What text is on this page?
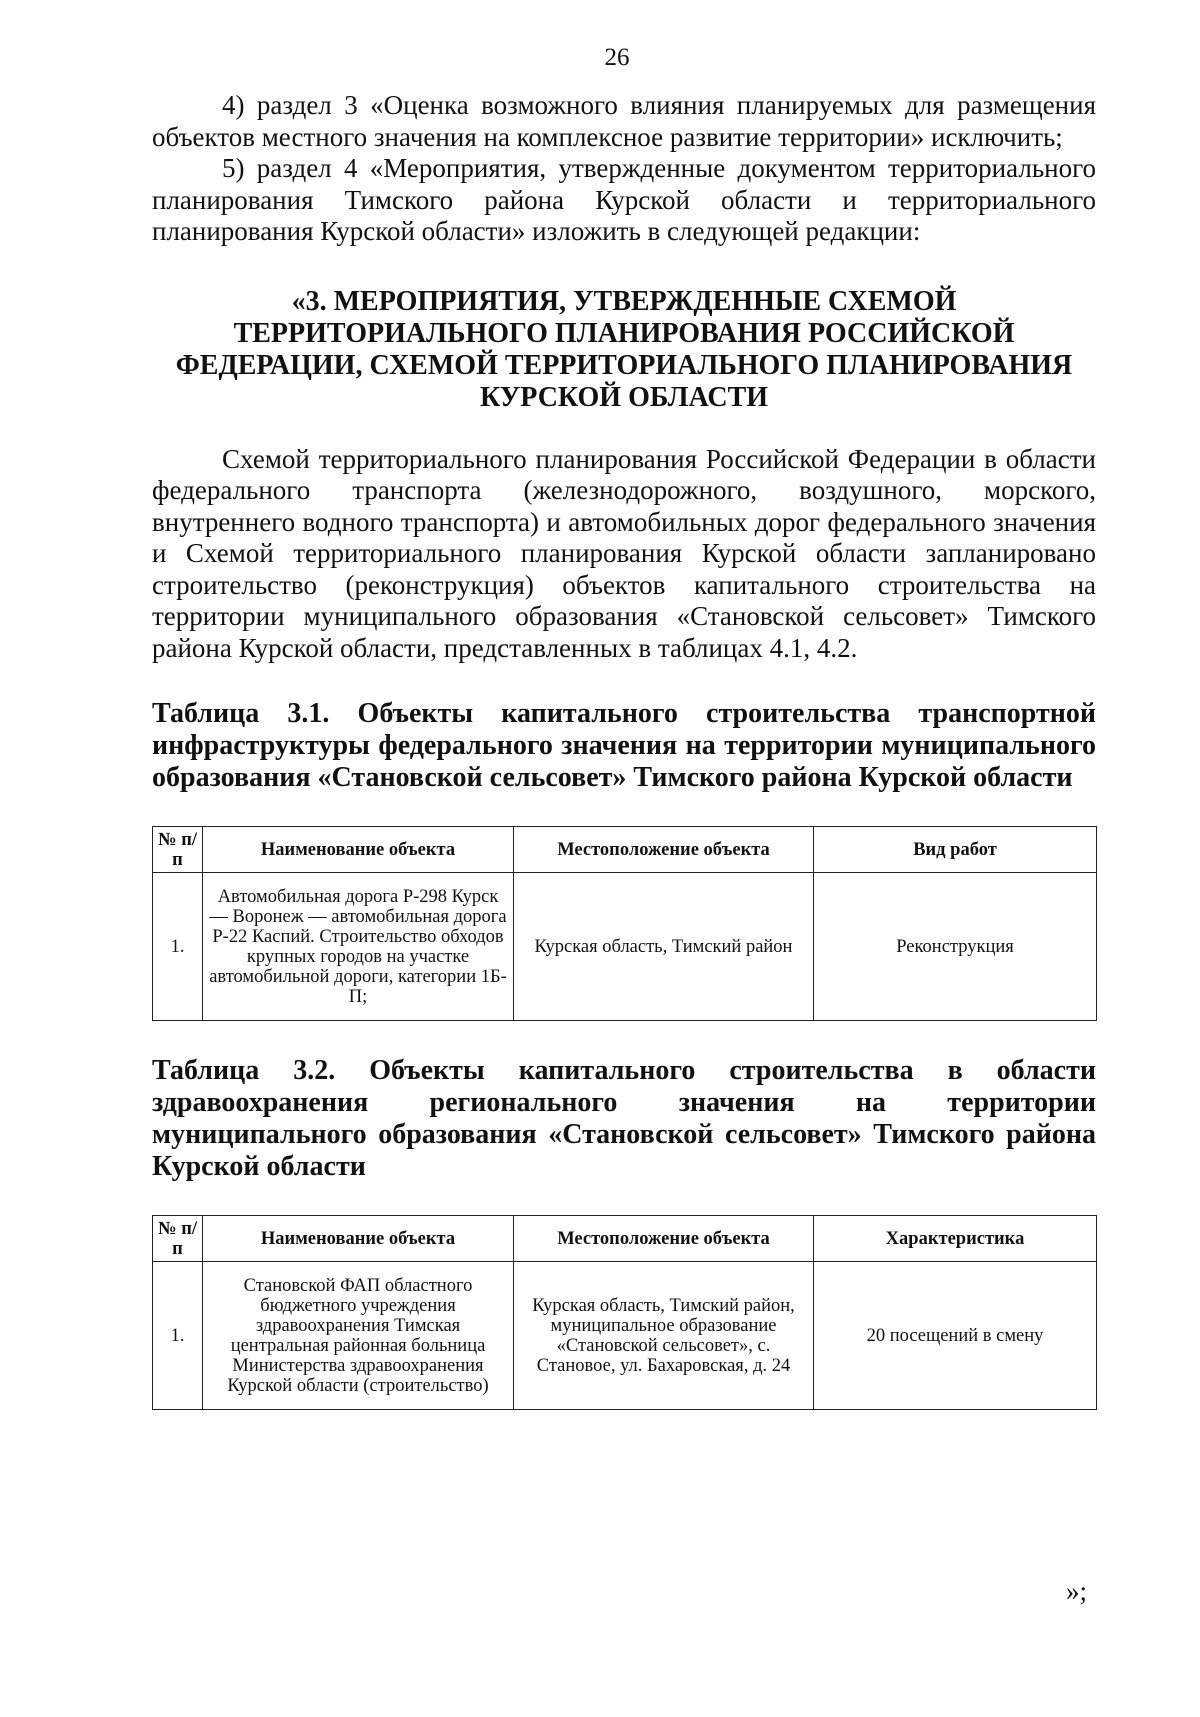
26

4) раздел 3 «Оценка возможного влияния планируемых для размещения объектов местного значения на комплексное развитие территории» исключить;

5) раздел 4 «Мероприятия, утвержденные документом территориального планирования Тимского района Курской области и территориального планирования Курской области» изложить в следующей редакции:

«3. МЕРОПРИЯТИЯ, УТВЕРЖДЕННЫЕ СХЕМОЙ ТЕРРИТОРИАЛЬНОГО ПЛАНИРОВАНИЯ РОССИЙСКОЙ ФЕДЕРАЦИИ, СХЕМОЙ ТЕРРИТОРИАЛЬНОГО ПЛАНИРОВАНИЯ КУРСКОЙ ОБЛАСТИ

Схемой территориального планирования Российской Федерации в области федерального транспорта (железнодорожного, воздушного, морского, внутреннего водного транспорта) и автомобильных дорог федерального значения и Схемой территориального планирования Курской области запланировано строительство (реконструкция) объектов капитального строительства на территории муниципального образования «Становской сельсовет» Тимского района Курской области, представленных в таблицах 4.1, 4.2.

Таблица 3.1. Объекты капитального строительства транспортной инфраструктуры федерального значения на территории муниципального образования «Становской сельсовет» Тимского района Курской области

№ п/п	Наименование объекта	Местоположение объекта	Вид работ
1.	Автомобильная дорога Р-298 Курск — Воронеж — автомобильная дорога Р-22 Каспий. Строительство обходов крупных городов на участке автомобильной дороги, категории 1Б-П;	Курская область, Тимский район	Реконструкция

Таблица 3.2. Объекты капитального строительства в области здравоохранения регионального значения на территории муниципального образования «Становской сельсовет» Тимского района Курской области

№ п/п	Наименование объекта	Местоположение объекта	Характеристика
1.	Становской ФАП областного бюджетного учреждения здравоохранения Тимская центральная районная больница Министерства здравоохранения Курской области (строительство)	Курская область, Тимский район, муниципальное образование «Становской сельсовет», с. Становое, ул. Бахаровская, д. 24	20 посещений в смену
»;
